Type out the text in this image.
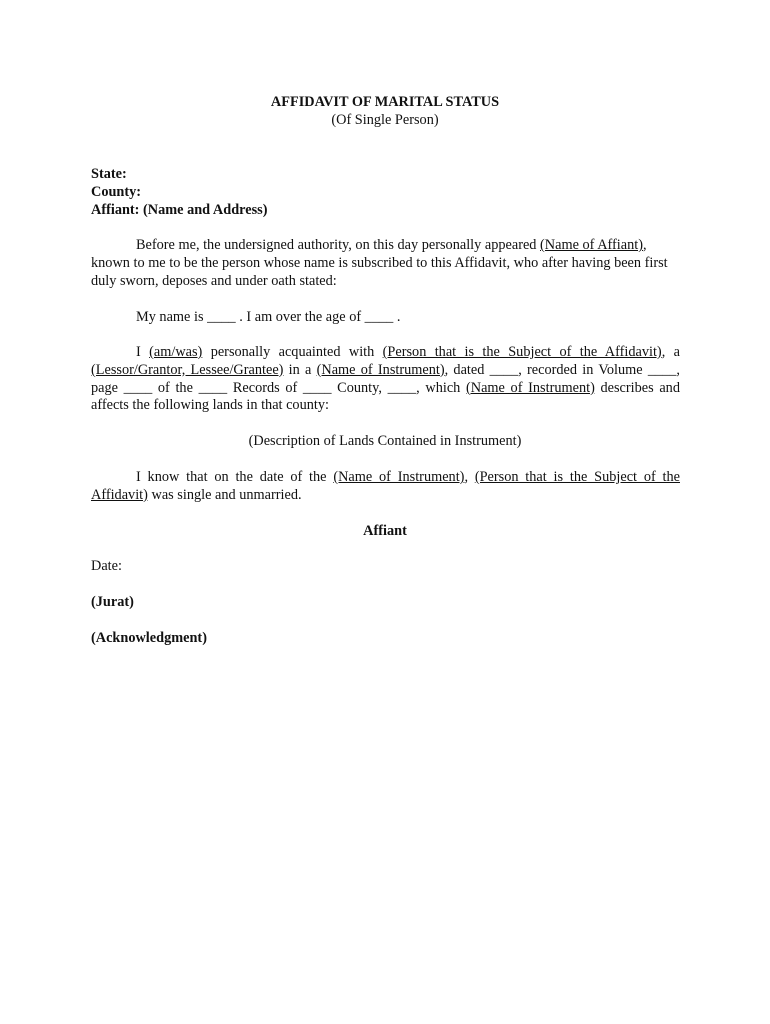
AFFIDAVIT OF MARITAL STATUS
(Of Single Person)

State:

County:

Affiant: (Name and Address)

Before me, the undersigned authority, on this day personally appeared (Name of Affiant), known to me to be the person whose name is subscribed to this Affidavit, who after having been first duly sworn, deposes and under oath stated:
My name is ____ . I am over the age of ____ .
I (am/was) personally acquainted with (Person that is the Subject of the Affidavit), a (Lessor/Grantor, Lessee/Grantee) in a (Name of Instrument), dated ____, recorded in Volume ____, page ____ of the ____ Records of ____ County, ____, which (Name of Instrument) describes and affects the following lands in that county:
(Description of Lands Contained in Instrument)
I know that on the date of the (Name of Instrument), (Person that is the Subject of the Affidavit) was single and unmarried.
Affiant
Date:
(Jurat)
(Acknowledgment)
